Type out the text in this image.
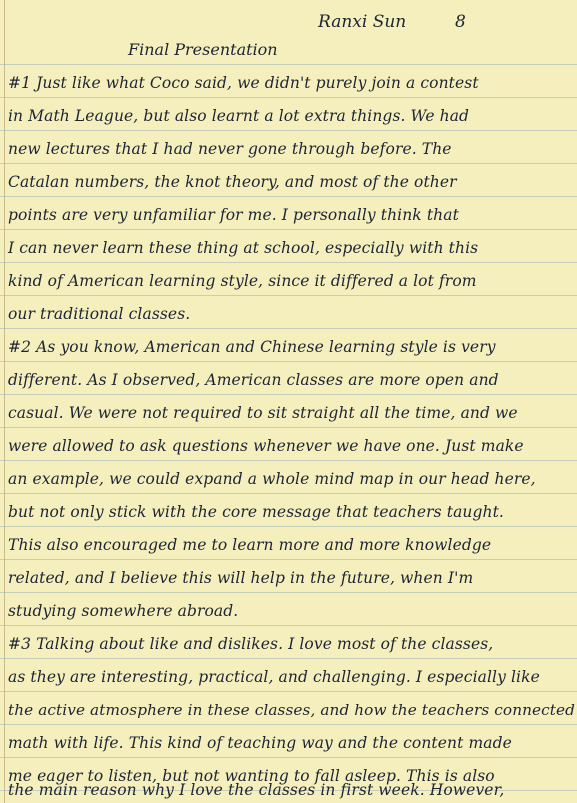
Ranxi Sun	8
Final Presentation
#1 Just like what Coco said, we didn't purely join a contest
in Math League, but also learnt a lot extra things. We had
new lectures that I had never gone through before. The
Catalan numbers, the knot theory, and most of the other
points are very unfamiliar for me. I personally think that
I can never learn these thing at school, especially with this
kind of American learning style, since it differed a lot from
our traditional classes.
#2 As you know, American and Chinese learning style is very
different. As I observed, American classes are more open and
casual. We were not required to sit straight all the time, and we
were allowed to ask questions whenever we have one. Just make
an example, we could expand a whole mind map in our head here,
but not only stick with the core message that teachers taught.
This also encouraged me to learn more and more knowledge
related, and I believe this will help in the future, when I'm
studying somewhere abroad.
#3 Talking about like and dislikes. I love most of the classes,
as they are interesting, practical, and challenging. I especially like
the active atmosphere in these classes, and how the teachers connected
math with life. This kind of teaching way and the content made
me eager to listen, but not wanting to fall asleep. This is also
the main reason why I love the classes in first week. However,
